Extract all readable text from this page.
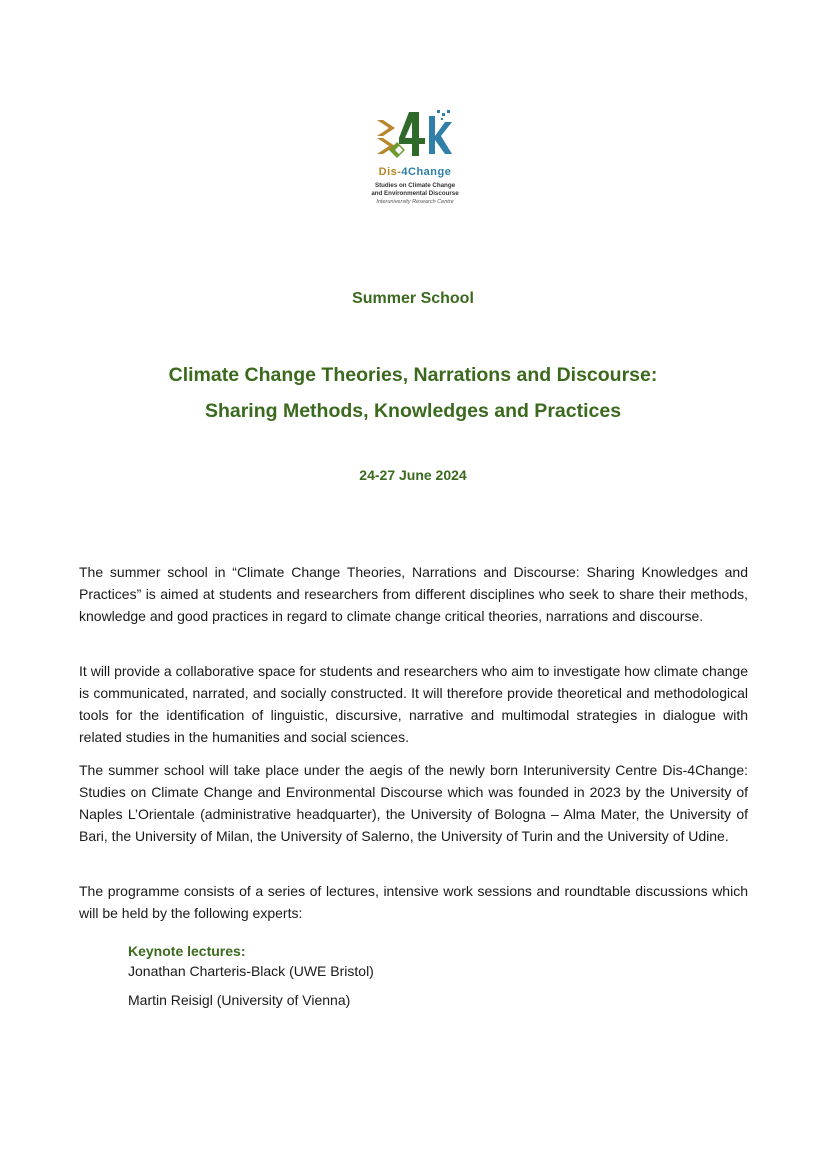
Dis-4Change
Studies on Climate Change
and Environmental Discourse
Interuniversity Research Centre
Summer School
Climate Change Theories, Narrations and Discourse:
Sharing Methods, Knowledges and Practices
24-27 June 2024

The summer school in “Climate Change Theories, Narrations and Discourse: Sharing Knowledges and Practices” is aimed at students and researchers from different disciplines who seek to share their methods, knowledge and good practices in regard to climate change critical theories, narrations and discourse.

It will provide a collaborative space for students and researchers who aim to investigate how climate change is communicated, narrated, and socially constructed. It will therefore provide theoretical and methodological tools for the identification of linguistic, discursive, narrative and multimodal strategies in dialogue with related studies in the humanities and social sciences.

The summer school will take place under the aegis of the newly born Interuniversity Centre Dis-4Change: Studies on Climate Change and Environmental Discourse which was founded in 2023 by the University of Naples L’Orientale (administrative headquarter), the University of Bologna – Alma Mater, the University of Bari, the University of Milan, the University of Salerno, the University of Turin and the University of Udine.

The programme consists of a series of lectures, intensive work sessions and roundtable discussions which will be held by the following experts:

Keynote lectures:
Jonathan Charteris-Black (UWE Bristol)
Martin Reisigl (University of Vienna)
